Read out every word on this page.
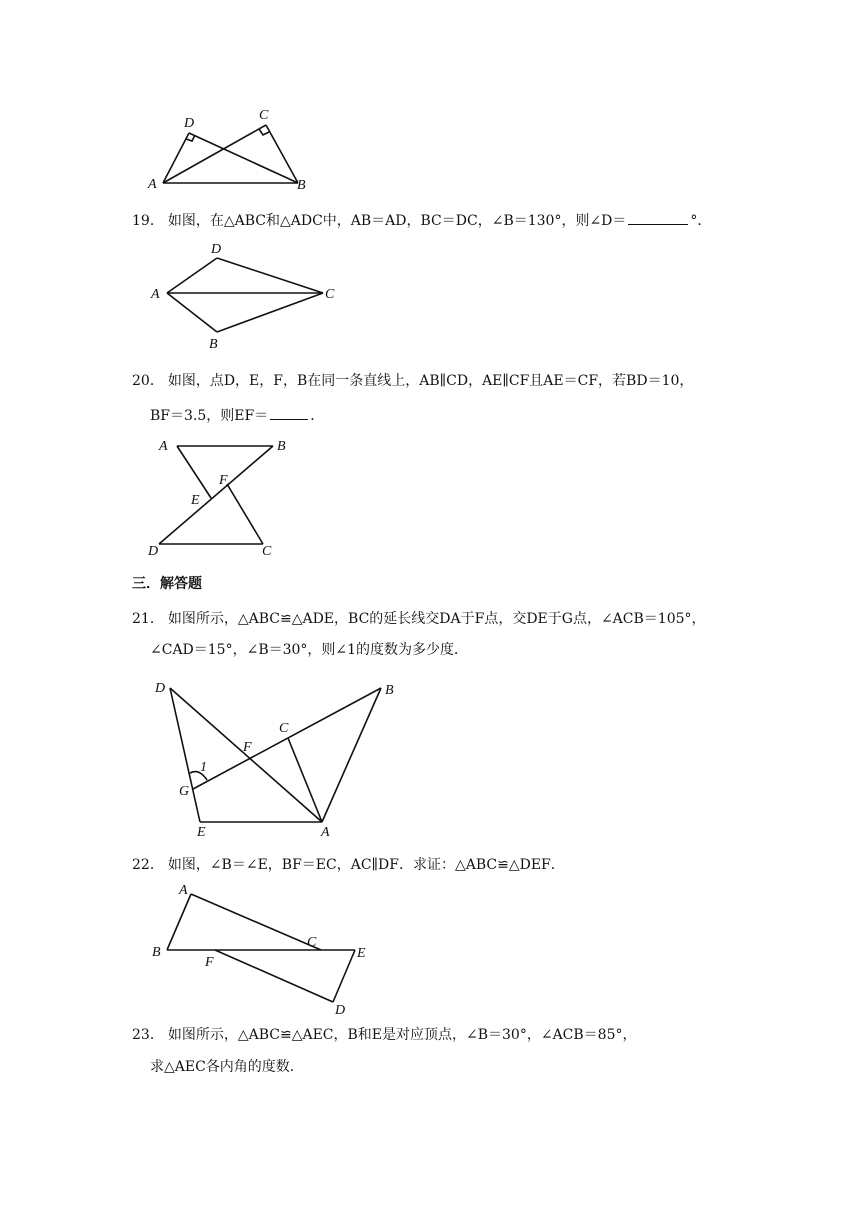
A	B
C
D
19． 如图，在△ABC和△ADC中，AB＝AD，BC＝DC，∠B＝130°，则∠D＝	°．
A
D
C
B
20． 如图，点D，E，F，B在同一条直线上，AB∥CD，AE∥CF且AE＝CF，若BD＝10，
BF＝3.5，则EF＝	．
A	B
F
E
D	C
三．解答题
21． 如图所示，△ABC≌△ADE，BC的延长线交DA于F点，交DE于G点，∠ACB＝105°，
∠CAD＝15°，∠B＝30°，则∠1的度数为多少度．
D	B
C
F
G
1
E	A
22． 如图，∠B＝∠E，BF＝EC，AC∥DF．求证：△ABC≌△DEF．
A
B
C
E
F
D
23． 如图所示，△ABC≌△AEC，B和E是对应顶点，∠B＝30°，∠ACB＝85°，
求△AEC各内角的度数．
